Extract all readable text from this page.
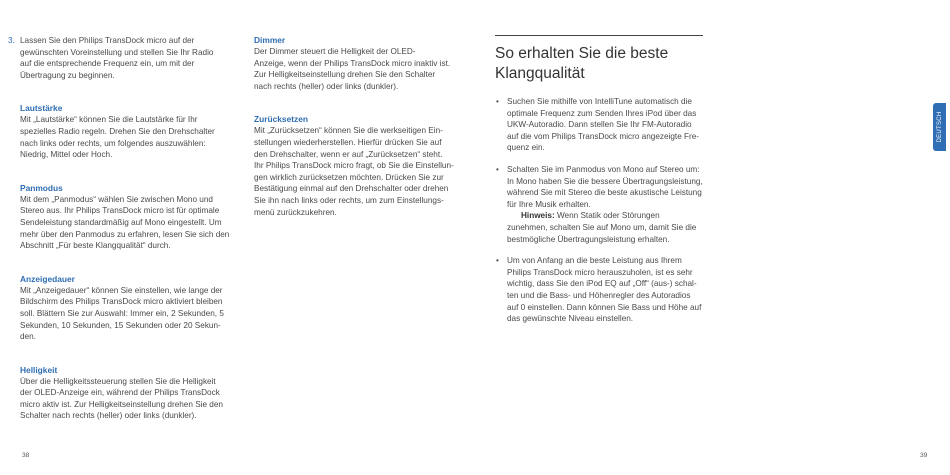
3. Lassen Sie den Philips TransDock micro auf der
gewünschten Voreinstellung und stellen Sie Ihr Radio
auf die entsprechende Frequenz ein, um mit der
Übertragung zu beginnen.

Lautstärke

Mit „Lautstärke“ können Sie die Lautstärke für Ihr
spezielles Radio regeln. Drehen Sie den Drehschalter
nach links oder rechts, um folgendes auszuwählen:
Niedrig, Mittel oder Hoch.

Panmodus

Mit dem „Panmodus“ wählen Sie zwischen Mono und
Stereo aus. Ihr Philips TransDock micro ist für optimale
Sendeleistung standardmäßig auf Mono eingestellt. Um
mehr über den Panmodus zu erfahren, lesen Sie sich den
Abschnitt „Für beste Klangqualität“ durch.

Anzeigedauer

Mit „Anzeigedauer“ können Sie einstellen, wie lange der
Bildschirm des Philips TransDock micro aktiviert bleiben
soll. Blättern Sie zur Auswahl: Immer ein, 2 Sekunden, 5
Sekunden, 10 Sekunden, 15 Sekunden oder 20 Sekun-
den.

Helligkeit

Über die Helligkeitssteuerung stellen Sie die Helligkeit
der OLED-Anzeige ein, während der Philips TransDock
micro aktiv ist. Zur Helligkeitseinstellung drehen Sie den
Schalter nach rechts (heller) oder links (dunkler).

Dimmer

Der Dimmer steuert die Helligkeit der OLED-
Anzeige, wenn der Philips TransDock micro inaktiv ist.
Zur Helligkeitseinstellung drehen Sie den Schalter
nach rechts (heller) oder links (dunkler).

Zurücksetzen

Mit „Zurücksetzen“ können Sie die werkseitigen Ein-
stellungen wiederherstellen. Hierfür drücken Sie auf
den Drehschalter, wenn er auf „Zurücksetzen“ steht.
Ihr Philips TransDock micro fragt, ob Sie die Einstellun-
gen wirklich zurücksetzen möchten. Drücken Sie zur
Bestätigung einmal auf den Drehschalter oder drehen
Sie ihn nach links oder rechts, um zum Einstellungs-
menü zurückzukehren.

So erhalten Sie die beste
Klangqualität
• Suchen Sie mithilfe von IntelliTune automatisch die
optimale Frequenz zum Senden Ihres iPod über das
UKW-Autoradio. Dann stellen Sie Ihr FM-Autoradio
auf die vom Philips TransDock micro angezeigte Fre-
quenz ein.
• Schalten Sie im Panmodus von Mono auf Stereo um:
In Mono haben Sie die bessere Übertragungsleistung,
während Sie mit Stereo die beste akustische Leistung
für Ihre Musik erhalten.
Hinweis: Wenn Statik oder Störungen
zunehmen, schalten Sie auf Mono um, damit Sie die
bestmögliche Übertragungsleistung erhalten.
• Um von Anfang an die beste Leistung aus Ihrem
Philips TransDock micro herauszuholen, ist es sehr
wichtig, dass Sie den iPod EQ auf „Off“ (aus-) schal-
ten und die Bass- und Höhenregler des Autoradios
auf 0 einstellen. Dann können Sie Bass und Höhe auf
das gewünschte Niveau einstellen.
DEUTSCH
38	39
